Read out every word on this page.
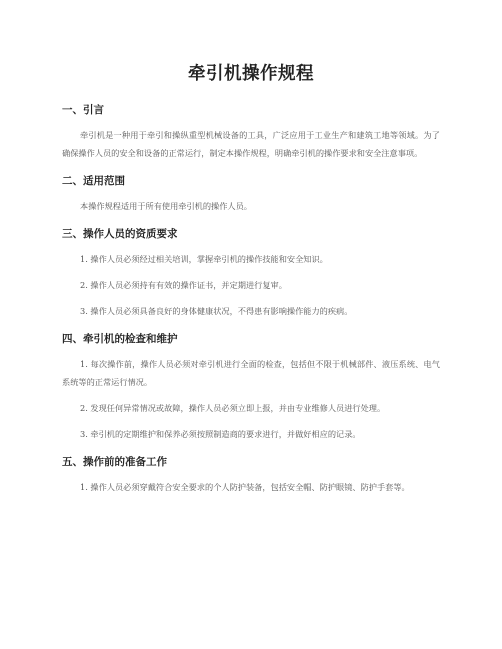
牵引机操作规程
一、引言

牵引机是一种用于牵引和操纵重型机械设备的工具，广泛应用于工业生产和建筑工地等领域。为了确保操作人员的安全和设备的正常运行，制定本操作规程，明确牵引机的操作要求和安全注意事项。

二、适用范围

本操作规程适用于所有使用牵引机的操作人员。

三、操作人员的资质要求

1. 操作人员必须经过相关培训，掌握牵引机的操作技能和安全知识。

2. 操作人员必须持有有效的操作证书，并定期进行复审。

3. 操作人员必须具备良好的身体健康状况，不得患有影响操作能力的疾病。

四、牵引机的检查和维护

1. 每次操作前，操作人员必须对牵引机进行全面的检查，包括但不限于机械部件、液压系统、电气系统等的正常运行情况。

2. 发现任何异常情况或故障，操作人员必须立即上报，并由专业维修人员进行处理。

3. 牵引机的定期维护和保养必须按照制造商的要求进行，并做好相应的记录。

五、操作前的准备工作

1. 操作人员必须穿戴符合安全要求的个人防护装备，包括安全帽、防护眼镜、防护手套等。
